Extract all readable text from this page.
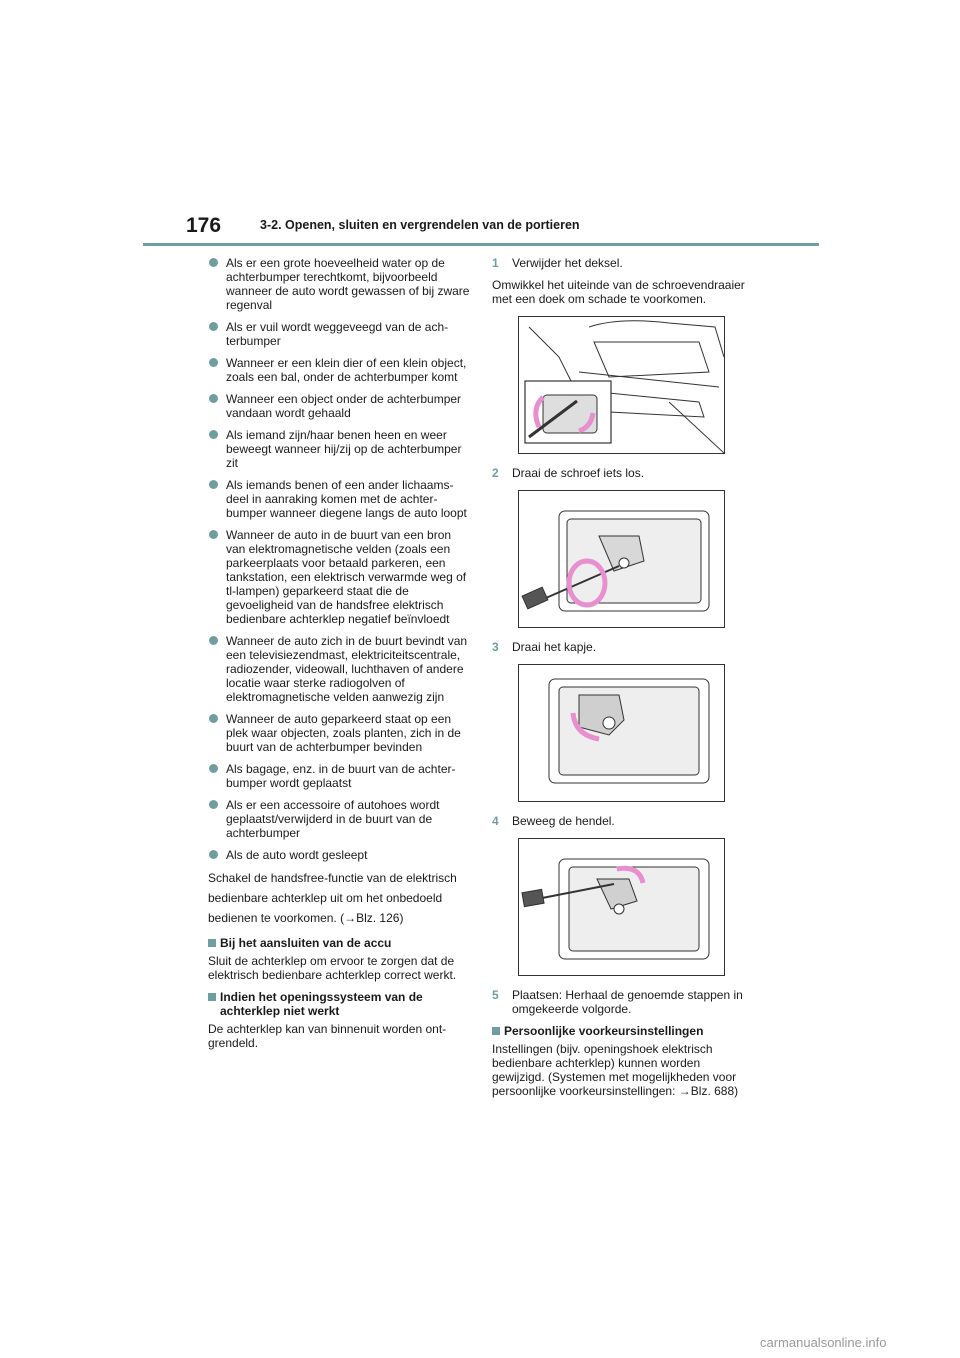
176	3-2. Openen, sluiten en vergrendelen van de portieren
Als er een grote hoeveelheid water op de achterbumper terechtkomt, bijvoorbeeld wanneer de auto wordt gewassen of bij zware regenval
Als er vuil wordt weggeveegd van de achterbumper
Wanneer er een klein dier of een klein object, zoals een bal, onder de achterbumper komt
Wanneer een object onder de achterbumper vandaan wordt gehaald
Als iemand zijn/haar benen heen en weer beweegt wanneer hij/zij op de achterbumper zit
Als iemands benen of een ander lichaamsdeel in aanraking komen met de achterbumper wanneer diegene langs de auto loopt
Wanneer de auto in de buurt van een bron van elektromagnetische velden (zoals een parkeerplaats voor betaald parkeren, een tankstation, een elektrisch verwarmde weg of tl-lampen) geparkeerd staat die de gevoeligheid van de handsfree elektrisch bedienbare achterklep negatief beïnvloedt
Wanneer de auto zich in de buurt bevindt van een televisiezendmast, elektriciteitscentrale, radiozender, videowall, luchthaven of andere locatie waar sterke radiogolven of elektromagnetische velden aanwezig zijn
Wanneer de auto geparkeerd staat op een plek waar objecten, zoals planten, zich in de buurt van de achterbumper bevinden
Als bagage, enz. in de buurt van de achterbumper wordt geplaatst
Als er een accessoire of autohoes wordt geplaatst/verwijderd in de buurt van de achterbumper
Als de auto wordt gesleept
Schakel de handsfree-functie van de elektrisch bedienbare achterklep uit om het onbedoeld bedienen te voorkomen. (→Blz. 126)
Bij het aansluiten van de accu
Sluit de achterklep om ervoor te zorgen dat de elektrisch bedienbare achterklep correct werkt.
Indien het openingssysteem van de achterklep niet werkt
De achterklep kan van binnenuit worden ontgrendeld.
1 Verwijder het deksel.
Omwikkel het uiteinde van de schroevendraaier met een doek om schade te voorkomen.
2 Draai de schroef iets los.
3 Draai het kapje.
4 Beweeg de hendel.
5 Plaatsen: Herhaal de genoemde stappen in omgekeerde volgorde.
Persoonlijke voorkeursinstellingen
Instellingen (bijv. openingshoek elektrisch bedienbare achterklep) kunnen worden gewijzigd. (Systemen met mogelijkheden voor persoonlijke voorkeursinstellingen: →Blz. 688)
carmanualsonline.info
